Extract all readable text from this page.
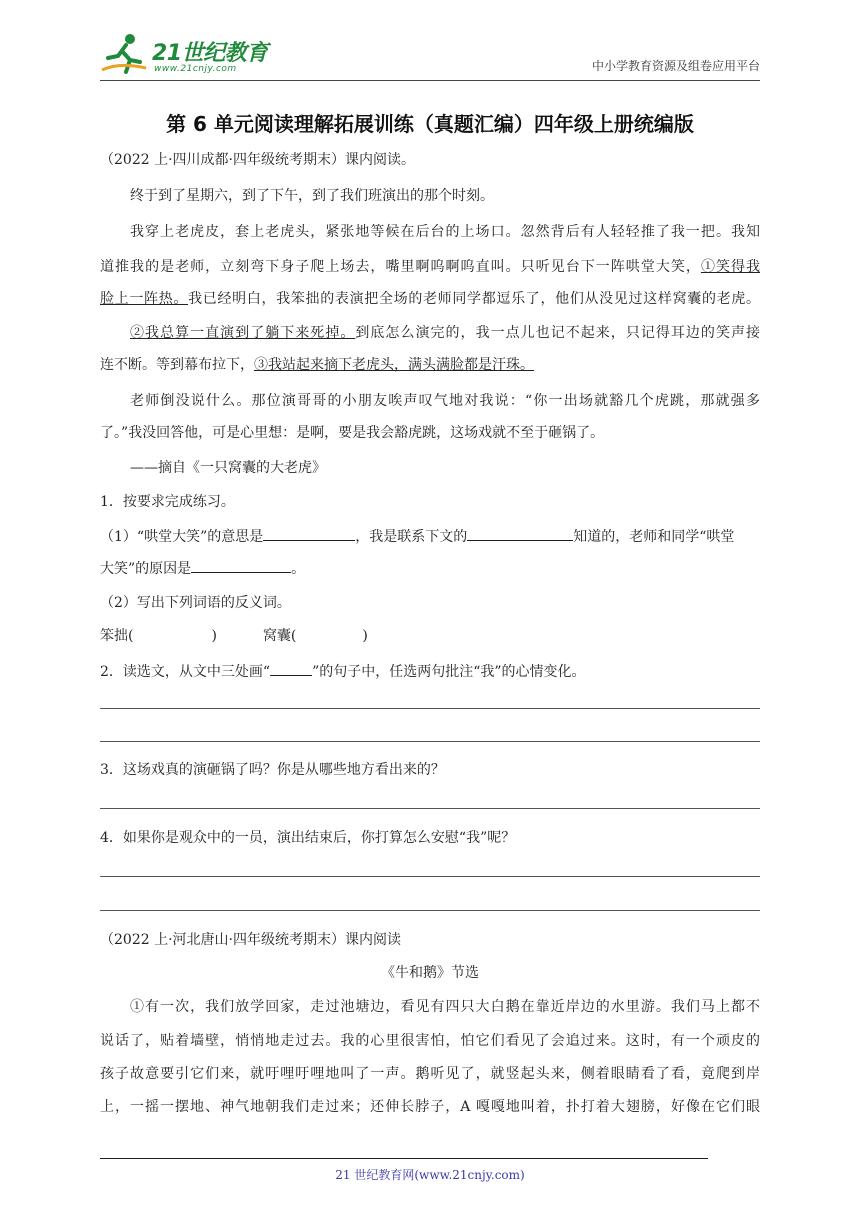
21世纪教育
www.21cnjy.com	中小学教育资源及组卷应用平台
第 6 单元阅读理解拓展训练（真题汇编）四年级上册统编版
（2022 上·四川成都·四年级统考期末）课内阅读。
终于到了星期六，到了下午，到了我们班演出的那个时刻。
我穿上老虎皮，套上老虎头，紧张地等候在后台的上场口。忽然背后有人轻轻推了我一把。我知
道推我的是老师，立刻弯下身子爬上场去，嘴里啊呜啊呜直叫。只听见台下一阵哄堂大笑，①笑得我
脸上一阵热。我已经明白，我笨拙的表演把全场的老师同学都逗乐了，他们从没见过这样窝囊的老虎。
②我总算一直演到了躺下来死掉。到底怎么演完的，我一点儿也记不起来，只记得耳边的笑声接
连不断。等到幕布拉下，③我站起来摘下老虎头，满头满脸都是汗珠。
老师倒没说什么。那位演哥哥的小朋友唉声叹气地对我说：“你一出场就豁几个虎跳，那就强多
了。”我没回答他，可是心里想：是啊，要是我会豁虎跳，这场戏就不至于砸锅了。
——摘自《一只窝囊的大老虎》
1．按要求完成练习。
（1）“哄堂大笑”的意思是	，我是联系下文的	知道的，老师和同学“哄堂
大笑”的原因是	。
（2）写出下列词语的反义词。
笨拙(	)	窝囊(	)
2．读选文，从文中三处画“	”的句子中，任选两句批注“我”的心情变化。
3．这场戏真的演砸锅了吗？你是从哪些地方看出来的？
4．如果你是观众中的一员，演出结束后，你打算怎么安慰“我”呢？
（2022 上·河北唐山·四年级统考期末）课内阅读
《牛和鹅》节选
①有一次，我们放学回家，走过池塘边，看见有四只大白鹅在靠近岸边的水里游。我们马上都不
说话了，贴着墙壁，悄悄地走过去。我的心里很害怕，怕它们看见了会追过来。这时，有一个顽皮的
孩子故意要引它们来，就吁哩吁哩地叫了一声。鹅听见了，就竖起头来，侧着眼睛看了看，竟爬到岸
上，一摇一摆地、神气地朝我们走过来；还伸长脖子，A 嘎嘎地叫着，扑打着大翅膀，好像在它们眼
21 世纪教育网(www.21cnjy.com)
